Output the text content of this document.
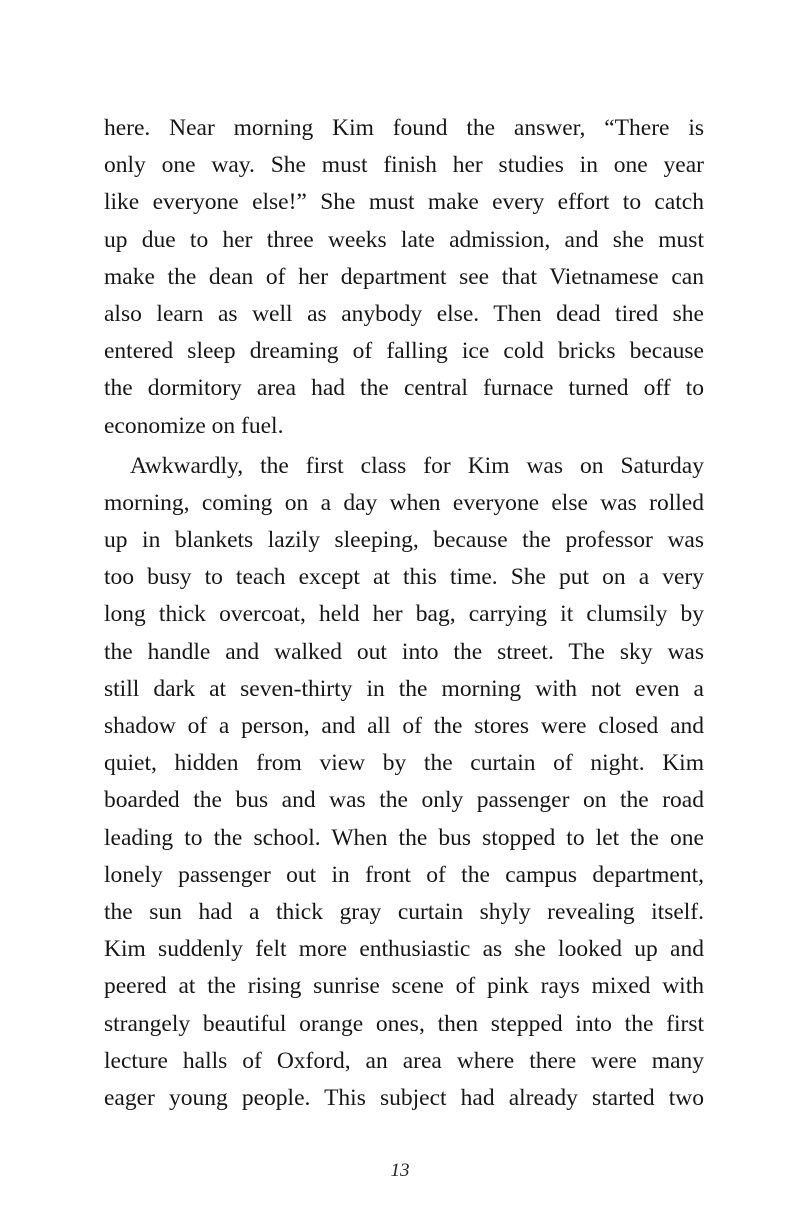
here. Near morning Kim found the answer, “There is
only one way. She must finish her studies in one year
like everyone else!” She must make every effort to catch
up due to her three weeks late admission, and she must
make the dean of her department see that Vietnamese can
also learn as well as anybody else. Then dead tired she
entered sleep dreaming of falling ice cold bricks because
the dormitory area had the central furnace turned off to
economize on fuel.
Awkwardly, the first class for Kim was on Saturday
morning, coming on a day when everyone else was rolled
up in blankets lazily sleeping, because the professor was
too busy to teach except at this time. She put on a very
long thick overcoat, held her bag, carrying it clumsily by
the handle and walked out into the street. The sky was
still dark at seven-thirty in the morning with not even a
shadow of a person, and all of the stores were closed and
quiet, hidden from view by the curtain of night. Kim
boarded the bus and was the only passenger on the road
leading to the school. When the bus stopped to let the one
lonely passenger out in front of the campus department,
the sun had a thick gray curtain shyly revealing itself.
Kim suddenly felt more enthusiastic as she looked up and
peered at the rising sunrise scene of pink rays mixed with
strangely beautiful orange ones, then stepped into the first
lecture halls of Oxford, an area where there were many
eager young people. This subject had already started two
13
